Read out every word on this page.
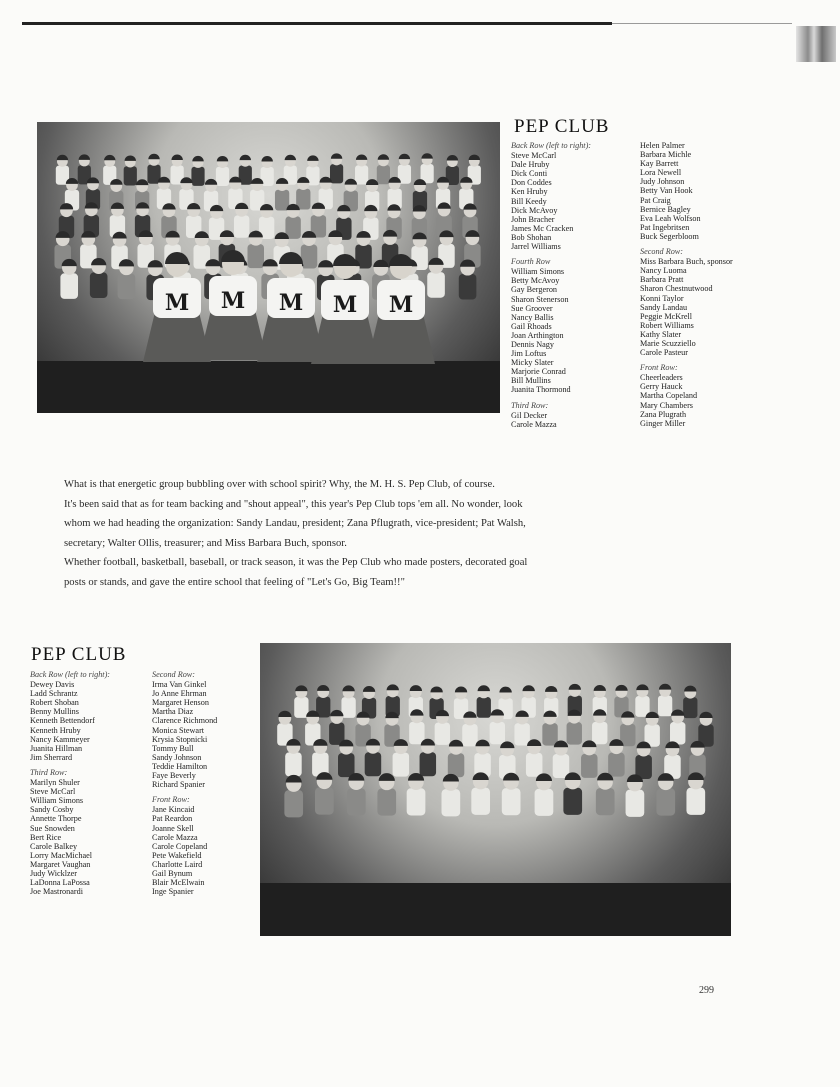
M M M M M
PEP CLUB
Back Row (left to right):
Steve McCarl
Dale Hruby
Dick Conti
Don Coddes
Ken Hruby
Bill Keedy
Dick McAvoy
John Bracher
James Mc Cracken
Bob Shohan
Jarrel Williams
Fourth Row
William Simons
Betty McAvoy
Gay Bergeron
Sharon Stenerson
Sue Groover
Nancy Ballis
Gail Rhoads
Joan Arthington
Dennis Nagy
Jim Loftus
Micky Slater
Marjorie Conrad
Bill Mullins
Juanita Thormond
Third Row:
Gil Decker
Carole Mazza
Helen Palmer
Barbara Michle
Kay Barrett
Lora Newell
Judy Johnson
Betty Van Hook
Pat Craig
Bernice Bagley
Eva Leah Wolfson
Pat Ingebritsen
Buck Segerbloom
Second Row:
Miss Barbara Buch, sponsor
Nancy Luoma
Barbara Pratt
Sharon Chestnutwood
Konni Taylor
Sandy Landau
Peggie McKrell
Robert Williams
Kathy Slater
Marie Scuzziello
Carole Pasteur
Front Row:
Cheerleaders
Gerry Hauck
Martha Copeland
Mary Chambers
Zana Plugrath
Ginger Miller

What is that energetic group bubbling over with school spirit? Why, the M. H. S. Pep Club, of course.

It's been said that as for team backing and "shout appeal", this year's Pep Club tops 'em all. No wonder, look

whom we had heading the organization: Sandy Landau, president; Zana Pflugrath, vice-president; Pat Walsh,

secretary; Walter Ollis, treasurer; and Miss Barbara Buch, sponsor.

Whether football, basketball, baseball, or track season, it was the Pep Club who made posters, decorated goal

posts or stands, and gave the entire school that feeling of "Let's Go, Big Team!!"

PEP CLUB
Back Row (left to right):
Dewey Davis
Ladd Schrantz
Robert Shoban
Benny Mullins
Kenneth Bettendorf
Kenneth Hruby
Nancy Kammeyer
Juanita Hillman
Jim Sherrard
Third Row:
Marilyn Shuler
Steve McCarl
William Simons
Sandy Cosby
Annette Thorpe
Sue Snowden
Bert Rice
Carole Balkey
Lorry MacMichael
Margaret Vaughan
Judy Wicklzer
LaDonna LaPossa
Joe Mastronardi
Second Row:
Irma Van Ginkel
Jo Anne Ehrman
Margaret Henson
Martha Diaz
Clarence Richmond
Monica Stewart
Krysia Stopnicki
Tommy Bull
Sandy Johnson
Teddie Hamilton
Faye Beverly
Richard Spanier
Front Row:
Jane Kincaid
Pat Reardon
Joanne Skell
Carole Mazza
Carole Copeland
Pete Wakefield
Charlotte Laird
Gail Bynum
Blair McElwain
Inge Spanier
299
